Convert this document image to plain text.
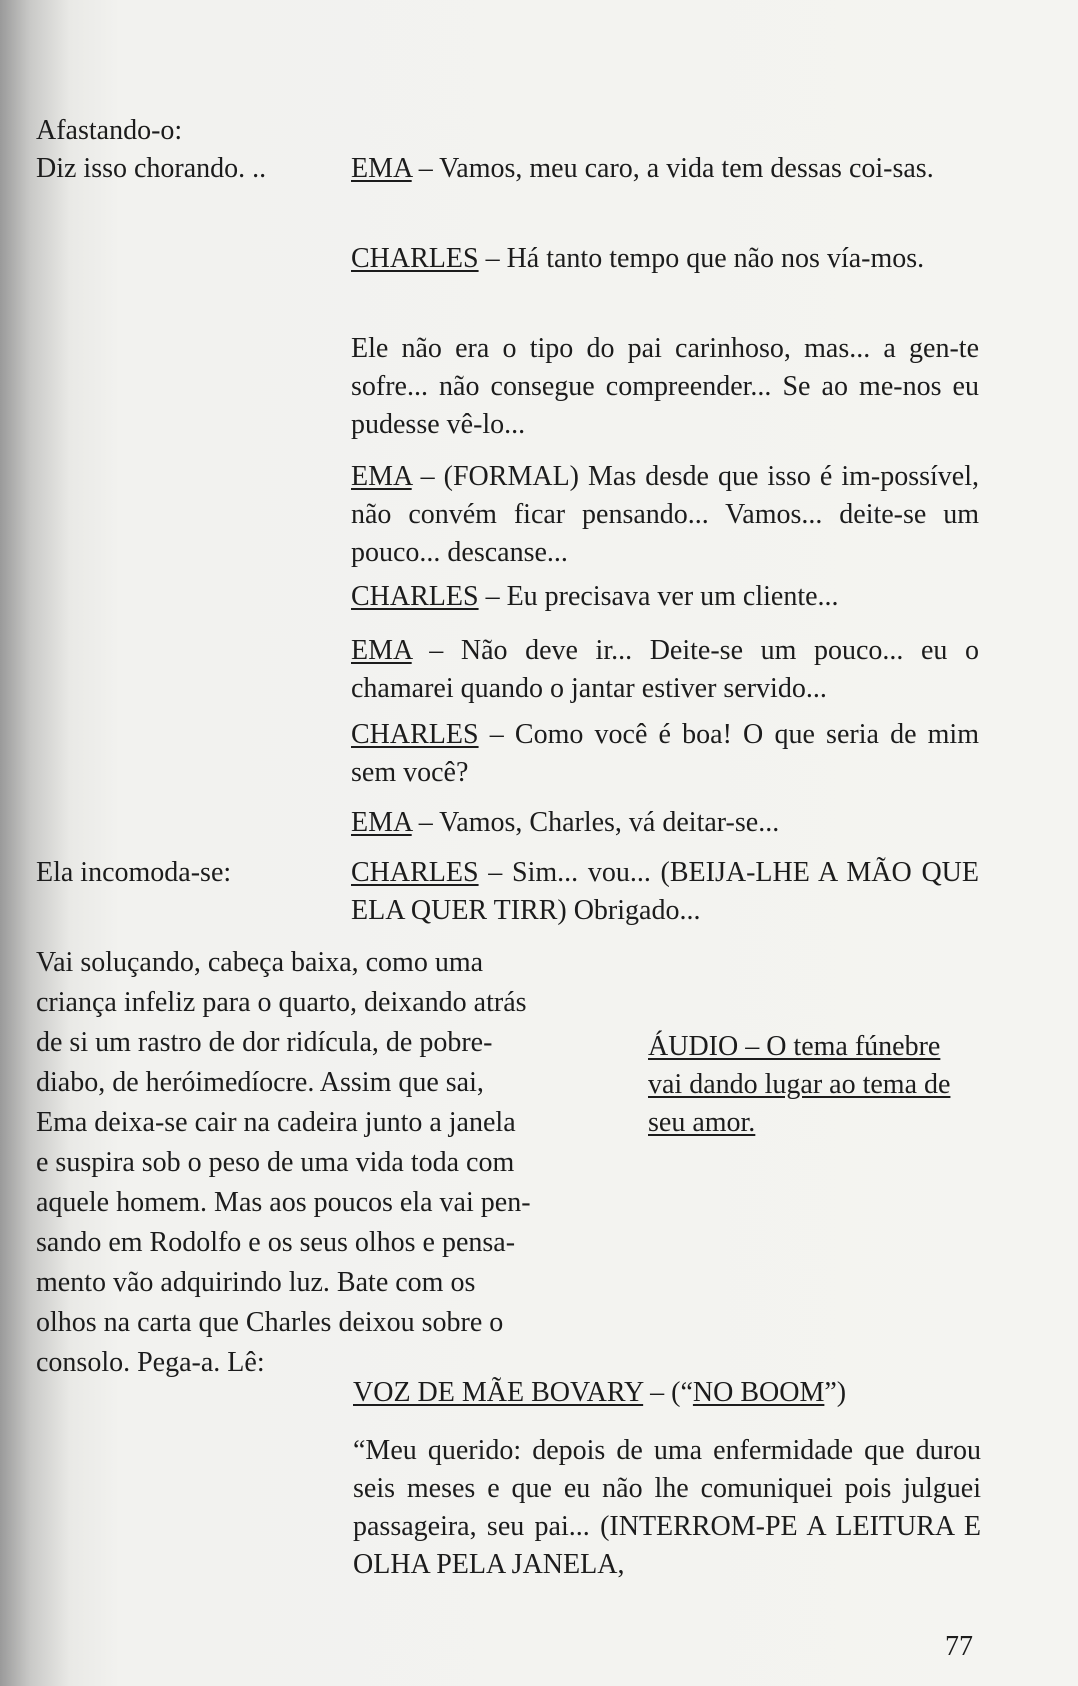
Afastando-o:

Diz isso chorando. ..

Ela incomoda-se:

EMA – Vamos, meu caro, a vida tem dessas coi-sas.

CHARLES – Há tanto tempo que não nos vía-mos.

Ele não era o tipo do pai carinhoso, mas... a gen-te sofre... não consegue compreender... Se ao me-nos eu pudesse vê-lo...

EMA – (FORMAL) Mas desde que isso é im-possível, não convém ficar pensando... Vamos... deite-se um pouco... descanse...

CHARLES – Eu precisava ver um cliente...

EMA – Não deve ir... Deite-se um pouco... eu o chamarei quando o jantar estiver servido...

CHARLES – Como você é boa! O que seria de mim sem você?

EMA – Vamos, Charles, vá deitar-se...

CHARLES – Sim... vou... (BEIJA-LHE A MÃO QUE ELA QUER TIRR) Obrigado...

Vai soluçando, cabeça baixa, como uma

criança infeliz para o quarto, deixando atrás

de si um rastro de dor ridícula, de pobre-

diabo, de heróimedíocre. Assim que sai,

Ema deixa-se cair na cadeira junto a janela

e suspira sob o peso de uma vida toda com

aquele homem. Mas aos poucos ela vai pen-

sando em Rodolfo e os seus olhos e pensa-

mento vão adquirindo luz. Bate com os

olhos na carta que Charles deixou sobre o

consolo. Pega-a. Lê:

ÁUDIO – O tema fúnebre

vai dando lugar ao tema de

seu amor.

VOZ DE MÃE BOVARY – (“NO BOOM”)

“Meu querido: depois de uma enfermidade que durou seis meses e que eu não lhe comuniquei pois julguei passageira, seu pai... (INTERROM-PE A LEITURA E OLHA PELA JANELA,

77
